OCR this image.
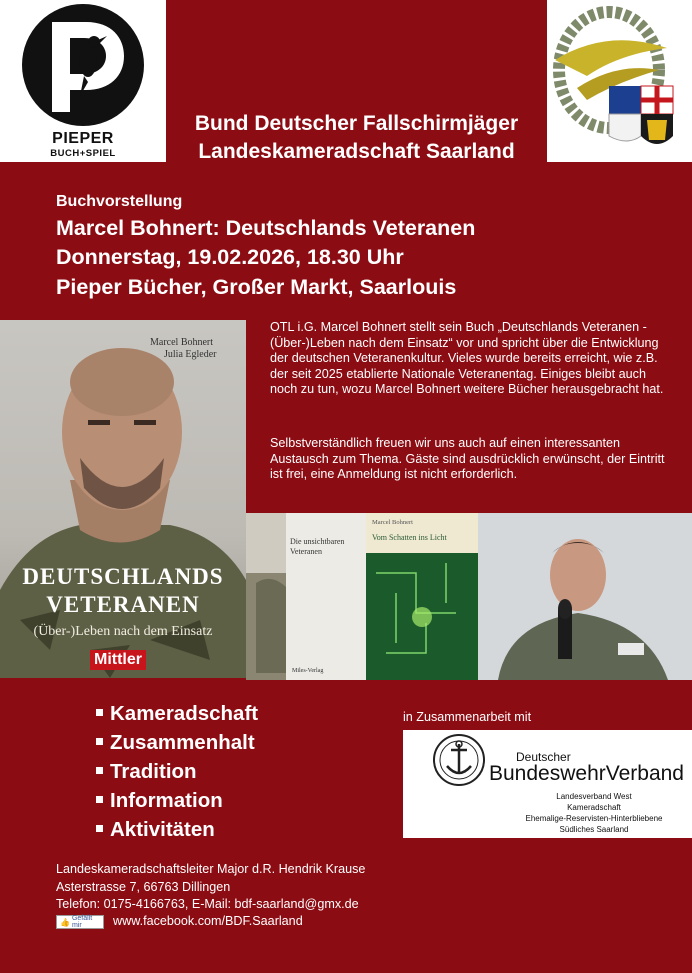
PIEPER
BUCH+SPIEL
Bund Deutscher Fallschirmjäger
Landeskameradschaft Saarland
Buchvorstellung
Marcel Bohnert: Deutschlands Veteranen
Donnerstag, 19.02.2026, 18.30 Uhr
Pieper Bücher, Großer Markt, Saarlouis
OTL i.G. Marcel Bohnert stellt sein Buch „Deutschlands Veteranen - (Über-)Leben nach dem Einsatz“ vor und spricht über die Entwicklung der deutschen Veteranenkultur. Vieles wurde bereits erreicht, wie z.B. der seit 2025 etablierte Nationale Veteranentag. Einiges bleibt auch noch zu tun, wozu Marcel Bohnert weitere Bücher herausgebracht hat.
Selbstverständlich freuen wir uns auch auf einen interessanten Austausch zum Thema. Gäste sind ausdrücklich erwünscht, der Eintritt ist frei, eine Anmeldung ist nicht erforderlich.
Marcel Bohnert
Julia Egleder
DEUTSCHLANDS
VETERANEN
(Über-)Leben nach dem Einsatz
Mittler
Die unsichtbaren
Veteranen
Miles-Verlag
Marcel Bohnert
Vom Schatten ins Licht
Kameradschaft
Zusammenhalt
Tradition
Information
Aktivitäten
in Zusammenarbeit mit
Deutscher
BundeswehrVerband
Landesverband West
Kameradschaft
Ehemalige-Reservisten-Hinterbliebene
Südliches Saarland
Landeskameradschaftsleiter Major d.R. Hendrik Krause
Asterstrasse 7, 66763 Dillingen
Telefon: 0175-4166763, E-Mail: bdf-saarland@gmx.de
👍 Gefällt mir	www.facebook.com/BDF.Saarland
